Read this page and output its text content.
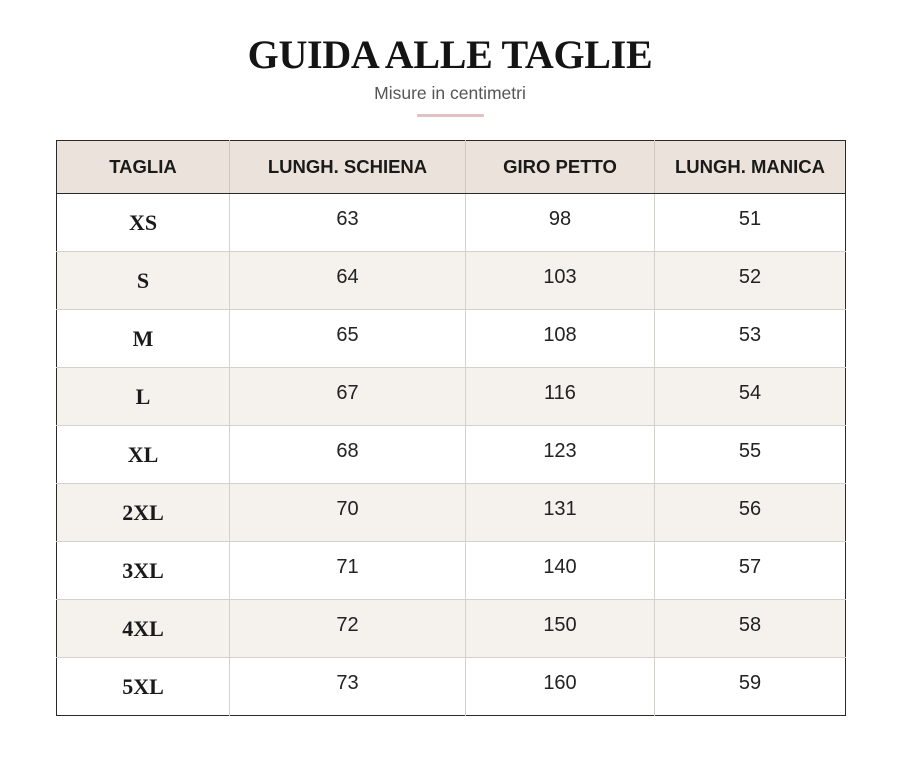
GUIDA ALLE TAGLIE
Misure in centimetri
TAGLIA	LUNGH. SCHIENA	GIRO PETTO	LUNGH. MANICA
XS	63	98	51
S	64	103	52
M	65	108	53
L	67	116	54
XL	68	123	55
2XL	70	131	56
3XL	71	140	57
4XL	72	150	58
5XL	73	160	59
